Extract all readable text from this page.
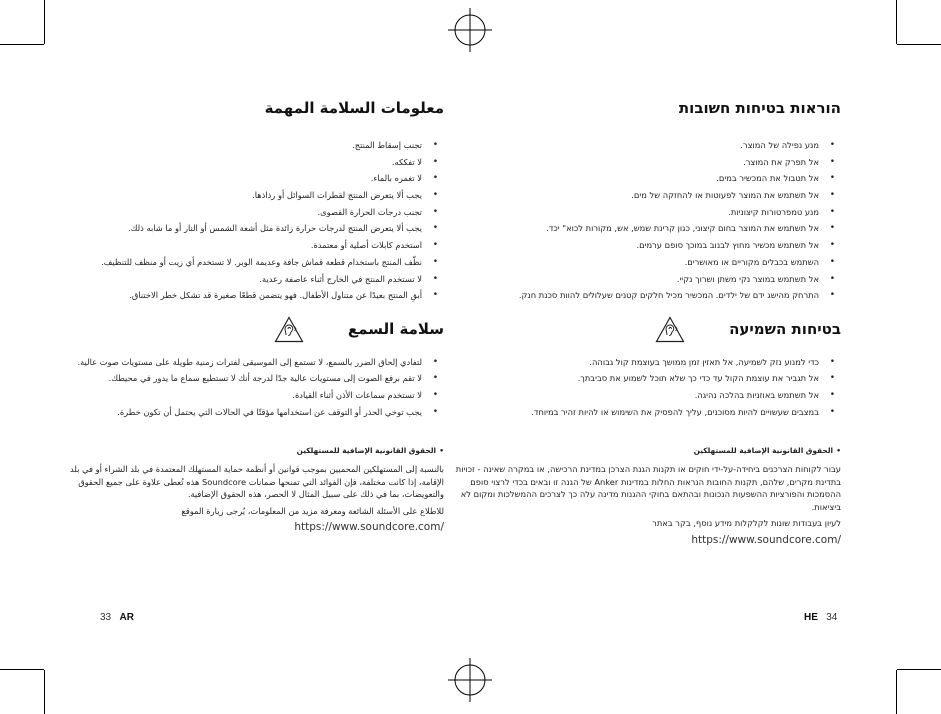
הוראות בטיחות חשובות
• מנע נפילה של המוצר.
• אל תפרק את המוצר.
• אל תטבול את המכשיר במים.
• אל תשתמש את המוצר לפעוטות או להחזקה של מים.
• מנע טמפרטורות קיצוניות.
• אל תשתמש את המוצר בחום קיצוני, כגון קרינת שמש, אש, מקורות לכוא" יכד.
• אל תשתמש מכשיר מחוץ לבנוב במוכך סופם ערמים.
• השתמש בכבלים מקוריים או מאושרים.
• אל תשתמש במוצר נקי משתן ושרוך נקיי.
• התרחק מהישג ידם של ילדים. המכשיר מכיל חלקים קטנים שעלולים להוות סכנת חנק.
בטיחות השמיעה
• כדי למנוע נזק לשמיעה, אל תאזין זמן ממושך בעוצמת קול גבוהה.
• אל תגביר את עוצמת הקול עד כדי כך שלא תוכל לשמוע את סביבתך.
• אל תשתמש באוזניות בהלכה נהיגה.
• במצבים שעשויים להיות מסוכנים, עליך להפסיק את השימוש או להיות זהיר במיוחד.
• الحقوق القانونية الإضافية للمستهلكين

עבור לקוחות הצרכנים ביחידה-על-ידי חוקים או תקנות הגנת הצרכן במדינת הרכישה, או במקרה שאינה - זכויות בתדינת מקרים, שלהם, תקנות החובות הנראות החלות במדינות Anker של הגנה זו ובאים בכדי לרצוי סופם ההסמכות והפורציות ההשפעות הנכונות ובהתאם בחוקי ההגנות מדינה עלה כך לצרכים ההמשלכות ומקום לא ביציאות.

לעיון בעבודות שונות לקלקלות מידע נוסף, בקר באתר

https://www.soundcore.com/
معلومات السلامة المهمة
• تجنب إسقاط المنتج.
• لا تفككه.
• لا تغمره بالماء.
• يجب ألا يتعرض المنتج لقطرات السوائل أو رذاذها.
• تجنب درجات الحرارة القصوى.
• يجب ألا يتعرض المنتج لدرجات حرارة زائدة مثل أشعة الشمس أو النار أو ما شابه ذلك.
• استخدم كابلات أصلية أو معتمدة.
• نظّف المنتج باستخدام قطعة قماش جافة وعديمة الوبر. لا تستخدم أي زيت أو منظف للتنظيف.
• لا تستخدم المنتج في الخارج أثناء عاصفة رعدية.
• أبقِ المنتج بعيدًا عن متناول الأطفال. فهو يتضمن قطعًا صغيرة قد تشكل خطر الاختناق.
سلامة السمع
• لتفادي إلحاق الضرر بالسمع، لا تستمع إلى الموسيقى لفترات زمنية طويلة على مستويات صوت عالية.
• لا تقم برفع الصوت إلى مستويات عالية جدًا لدرجة أنك لا تستطيع سماع ما يدور في محيطك.
• لا تستخدم سماعات الأذن أثناء القيادة.
• يجب توخي الحذر أو التوقف عن استخدامها مؤقتًا في الحالات التي يحتمل أن تكون خطرة.
• الحقوق القانونية الإضافية للمستهلكين

بالنسبة إلى المستهلكين المحميين بموجب قوانين أو أنظمة حماية المستهلك المعتمدة في بلد الشراء أو في بلد الإقامة، إذا كانت مختلفة، فإن الفوائد التي تمنحها ضمانات Soundcore هذه تُعطى علاوة على جميع الحقوق والتعويضات، بما في ذلك على سبيل المثال لا الحصر، هذه الحقوق الإضافية.

للاطلاع على الأسئلة الشائعة ومعرفة مزيد من المعلومات، يُرجى زيارة الموقع

https://www.soundcore.com/
33 AR	HE 34
